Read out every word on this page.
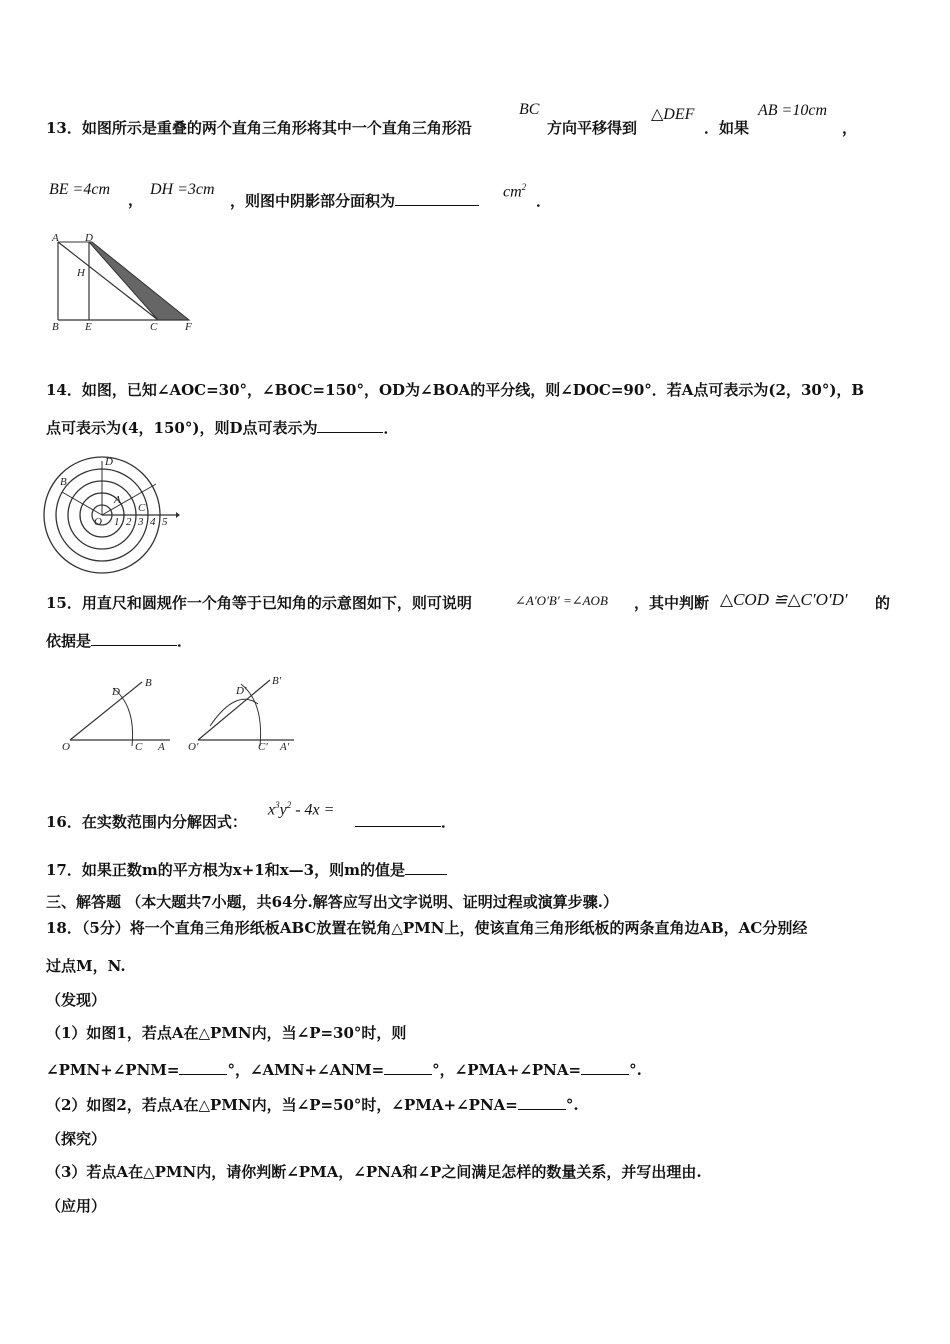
13．如图所示是重叠的两个直角三角形将其中一个直角三角形沿
BC
方向平移得到
△DEF
．如果
AB =10cm
，
BE =4cm
，
DH =3cm
，则图中阴影部分面积为
$cm^2$
．
A D
H
B E	C	F
14．如图，已知∠AOC=30°，∠BOC=150°，OD为∠BOA的平分线，则∠DOC=90°．若A点可表示为(2，30°)，B
点可表示为(4，150°)，则D点可表示为	．
D
B
A
C
O 1 2 3 4 5
15．用直尺和圆规作一个角等于已知角的示意图如下，则可说明	∠A′O′B′ =∠AOB ，其中判断 △COD ≌△C′O′D′ 的
依据是	．
D
B
O	C A
D′
B′
O′	C′ A′
16．在实数范围内分解因式：
$x^3y^2 - 4x$ =
．
17．如果正数m的平方根为x+1和x—3，则m的值是
三、解答题 （本大题共7小题，共64分.解答应写出文字说明、证明过程或演算步骤.）
18．（5分）将一个直角三角形纸板ABC放置在锐角△PMN上，使该直角三角形纸板的两条直角边AB，AC分别经
过点M，N.
（发现）
（1）如图1，若点A在△PMN内，当∠P=30°时，则
∠PMN+∠PNM=	°，∠AMN+∠ANM=	°，∠PMA+∠PNA=	°.
（2）如图2，若点A在△PMN内，当∠P=50°时，∠PMA+∠PNA=	°.
（探究）
（3）若点A在△PMN内，请你判断∠PMA，∠PNA和∠P之间满足怎样的数量关系，并写出理由.
（应用）
